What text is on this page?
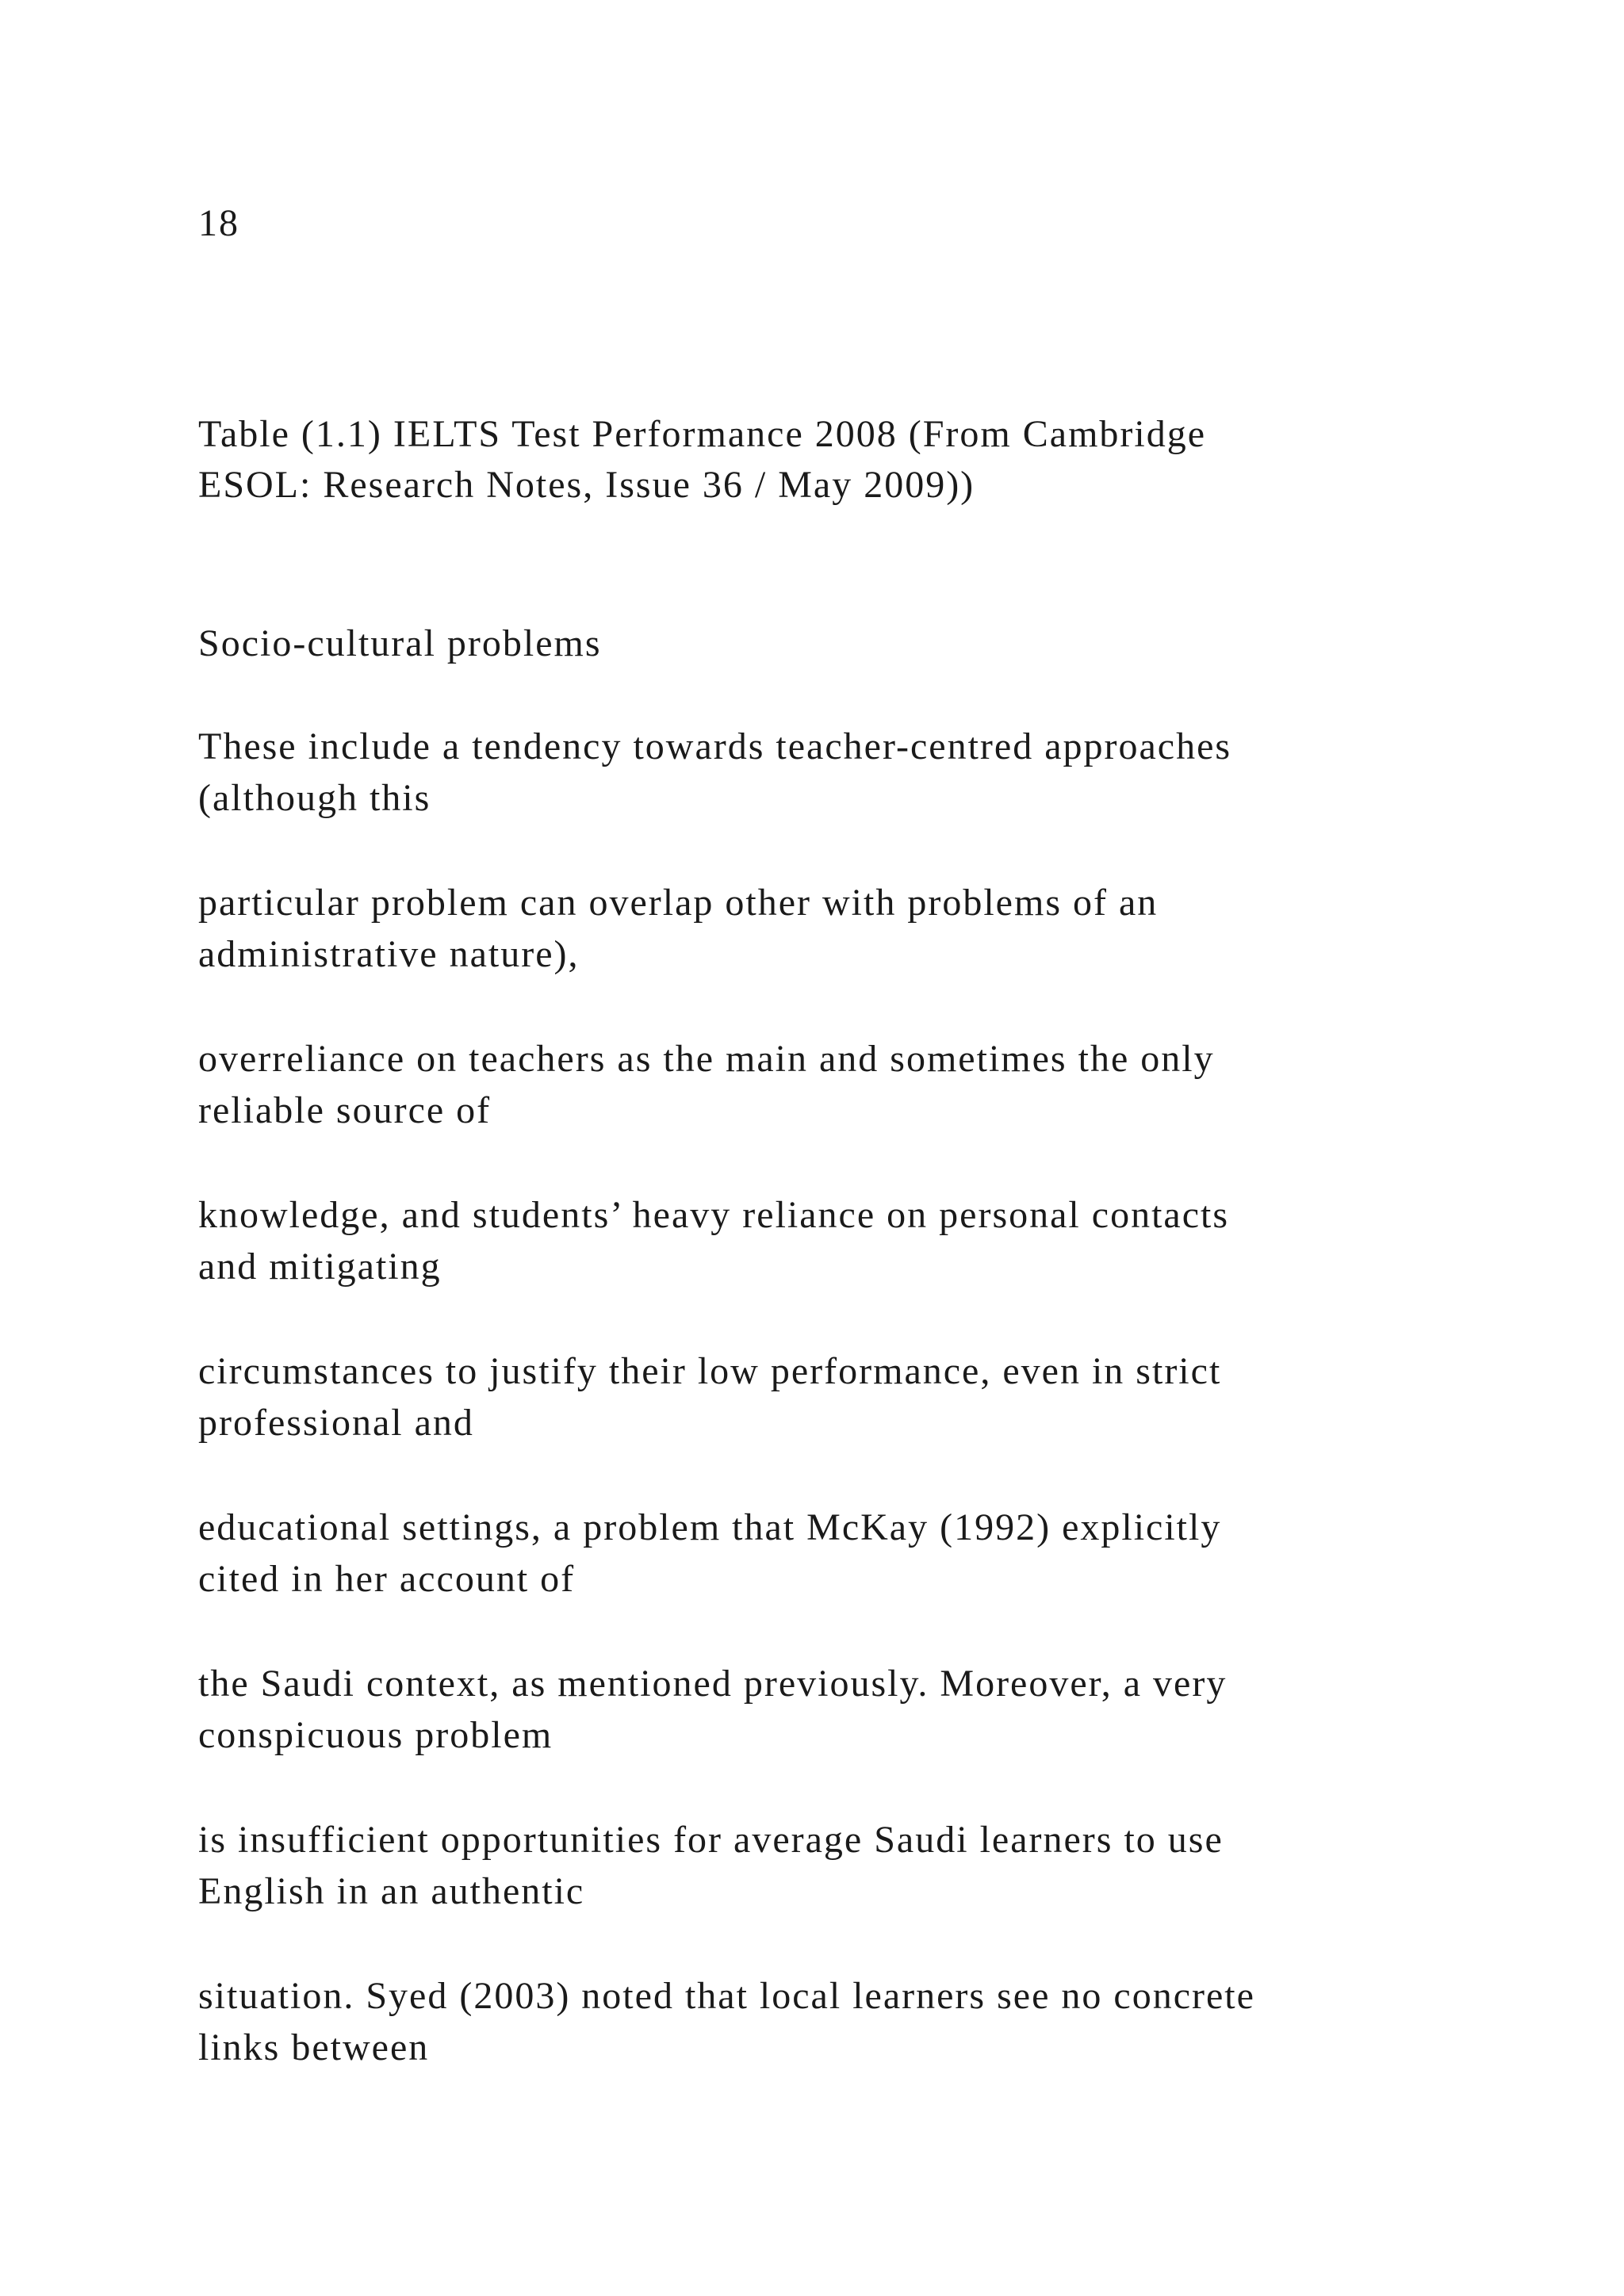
18
Table (1.1) IELTS Test Performance 2008 (From Cambridge
ESOL: Research Notes, Issue 36 / May 2009))
Socio-cultural problems
These include a tendency towards teacher-centred approaches
(although this
particular problem can overlap other with problems of an
administrative nature),
overreliance on teachers as the main and sometimes the only
reliable source of
knowledge, and students’ heavy reliance on personal contacts
and mitigating
circumstances to justify their low performance, even in strict
professional and
educational settings, a problem that McKay (1992) explicitly
cited in her account of
the Saudi context, as mentioned previously. Moreover, a very
conspicuous problem
is insufficient opportunities for average Saudi learners to use
English in an authentic
situation. Syed (2003) noted that local learners see no concrete
links between
